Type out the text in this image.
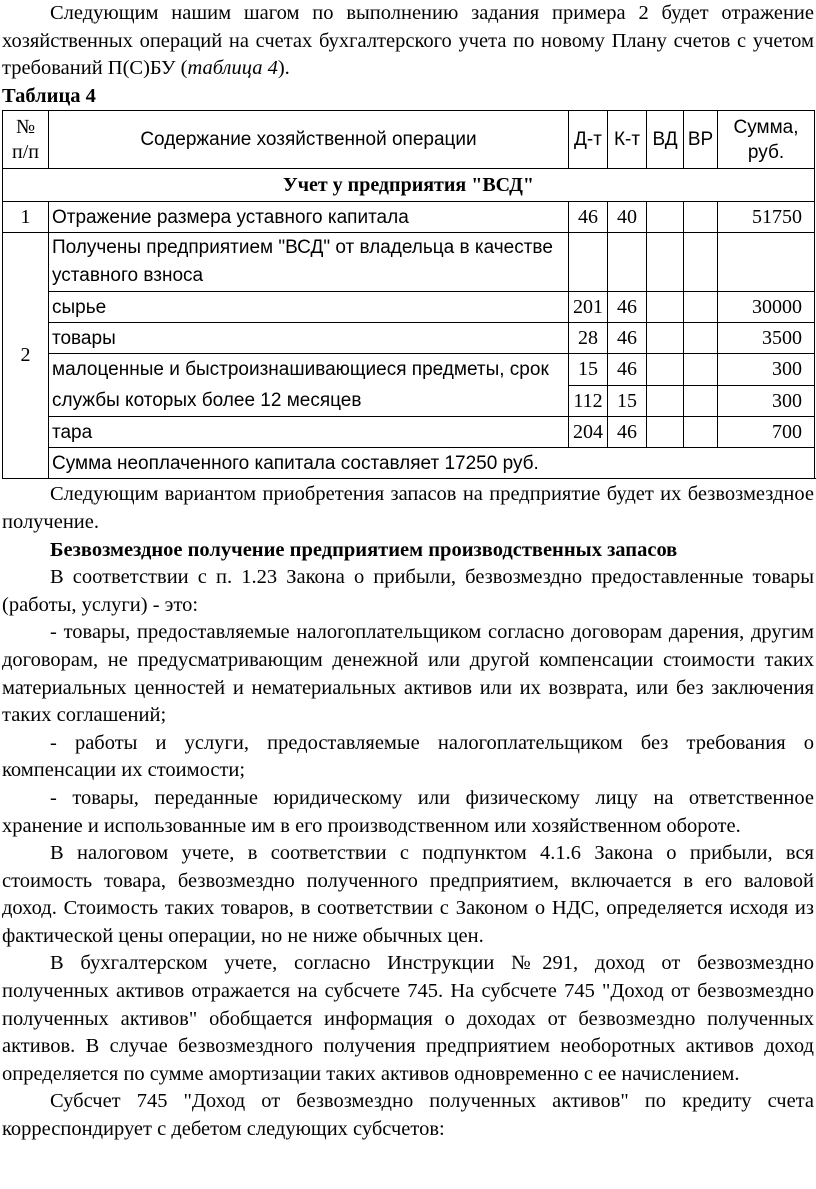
Следующим нашим шагом по выполнению задания примера 2 будет отражение хозяйственных операций на счетах бухгалтерского учета по новому Плану счетов с учетом требований П(С)БУ (таблица 4).

Таблица 4

№ п/п	Содержание хозяйственной операции	Д-т	К-т	ВД	ВР	Сумма, руб.
Учет у предприятия "ВСД"						
1	Отражение размера уставного капитала	46	40			51750
2	Получены предприятием "ВСД" от владельца в качестве уставного взноса					
	сырье	201	46			30000
	товары	28	46			3500
	малоценные и быстроизнашивающиеся предметы, срок службы которых более 12 месяцев	15	46			300
		112	15			300
	тара	204	46			700
	Сумма неоплаченного капитала составляет 17250 руб.					

Следующим вариантом приобретения запасов на предприятие будет их безвозмездное получение.

Безвозмездное получение предприятием производственных запасов

В соответствии с п. 1.23 Закона о прибыли, безвозмездно предоставленные товары (работы, услуги) - это:

- товары, предоставляемые налогоплательщиком согласно договорам дарения, другим договорам, не предусматривающим денежной или другой компенсации стоимости таких материальных ценностей и нематериальных активов или их возврата, или без заключения таких соглашений;

- работы и услуги, предоставляемые налогоплательщиком без требования о компенсации их стоимости;

- товары, переданные юридическому или физическому лицу на ответственное хранение и использованные им в его производственном или хозяйственном обороте.

В налоговом учете, в соответствии с подпунктом 4.1.6 Закона о прибыли, вся стоимость товара, безвозмездно полученного предприятием, включается в его валовой доход. Стоимость таких товаров, в соответствии с Законом о НДС, определяется исходя из фактической цены операции, но не ниже обычных цен.

В бухгалтерском учете, согласно Инструкции №291, доход от безвозмездно полученных активов отражается на субсчете 745. На субсчете 745 "Доход от безвозмездно полученных активов" обобщается информация о доходах от безвозмездно полученных активов. В случае безвозмездного получения предприятием необоротных активов доход определяется по сумме амортизации таких активов одновременно с ее начислением.

Субсчет 745 "Доход от безвозмездно полученных активов" по кредиту счета корреспондирует с дебетом следующих субсчетов:
